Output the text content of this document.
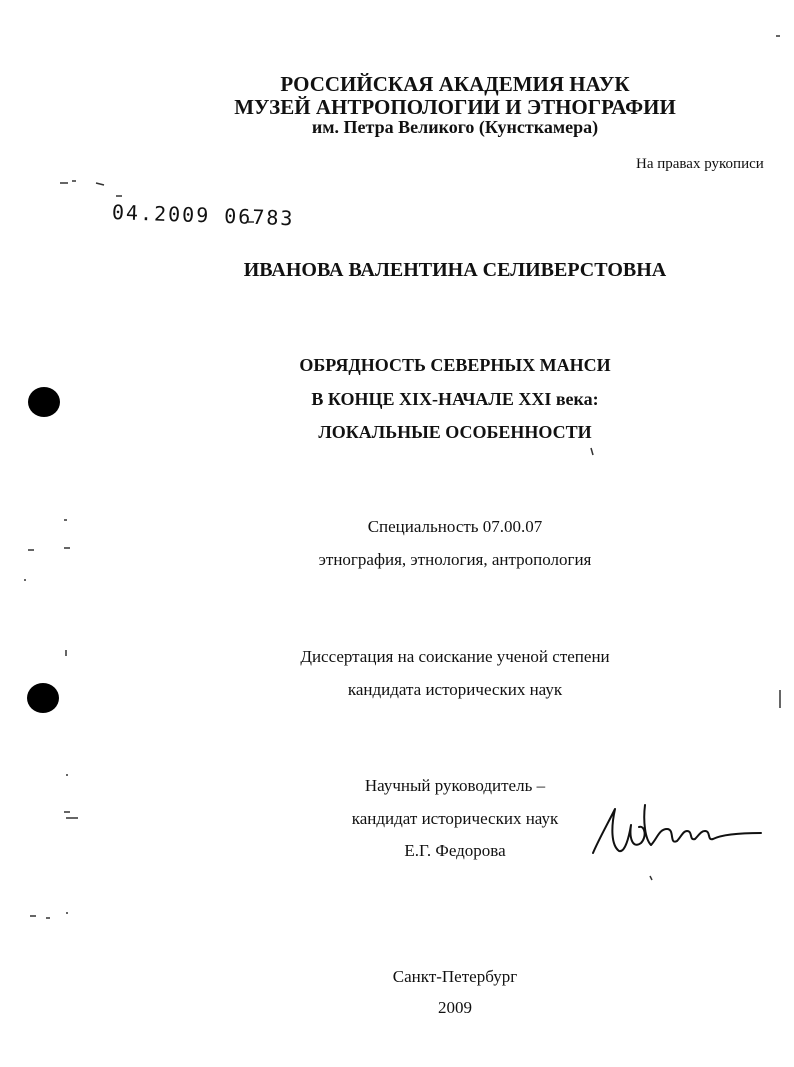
РОССИЙСКАЯ АКАДЕМИЯ НАУК
МУЗЕЙ АНТРОПОЛОГИИ И ЭТНОГРАФИИ
им. Петра Великого (Кунсткамера)
На правах рукописи
04.2009 06783
ИВАНОВА ВАЛЕНТИНА СЕЛИВЕРСТОВНА
ОБРЯДНОСТЬ СЕВЕРНЫХ МАНСИ
В КОНЦЕ XIX-НАЧАЛЕ XXI века:
ЛОКАЛЬНЫЕ ОСОБЕННОСТИ
Специальность 07.00.07
этнография, этнология, антропология
Диссертация на соискание ученой степени
кандидата исторических наук
Научный руководитель –
кандидат исторических наук
Е.Г. Федорова
Санкт-Петербург
2009
